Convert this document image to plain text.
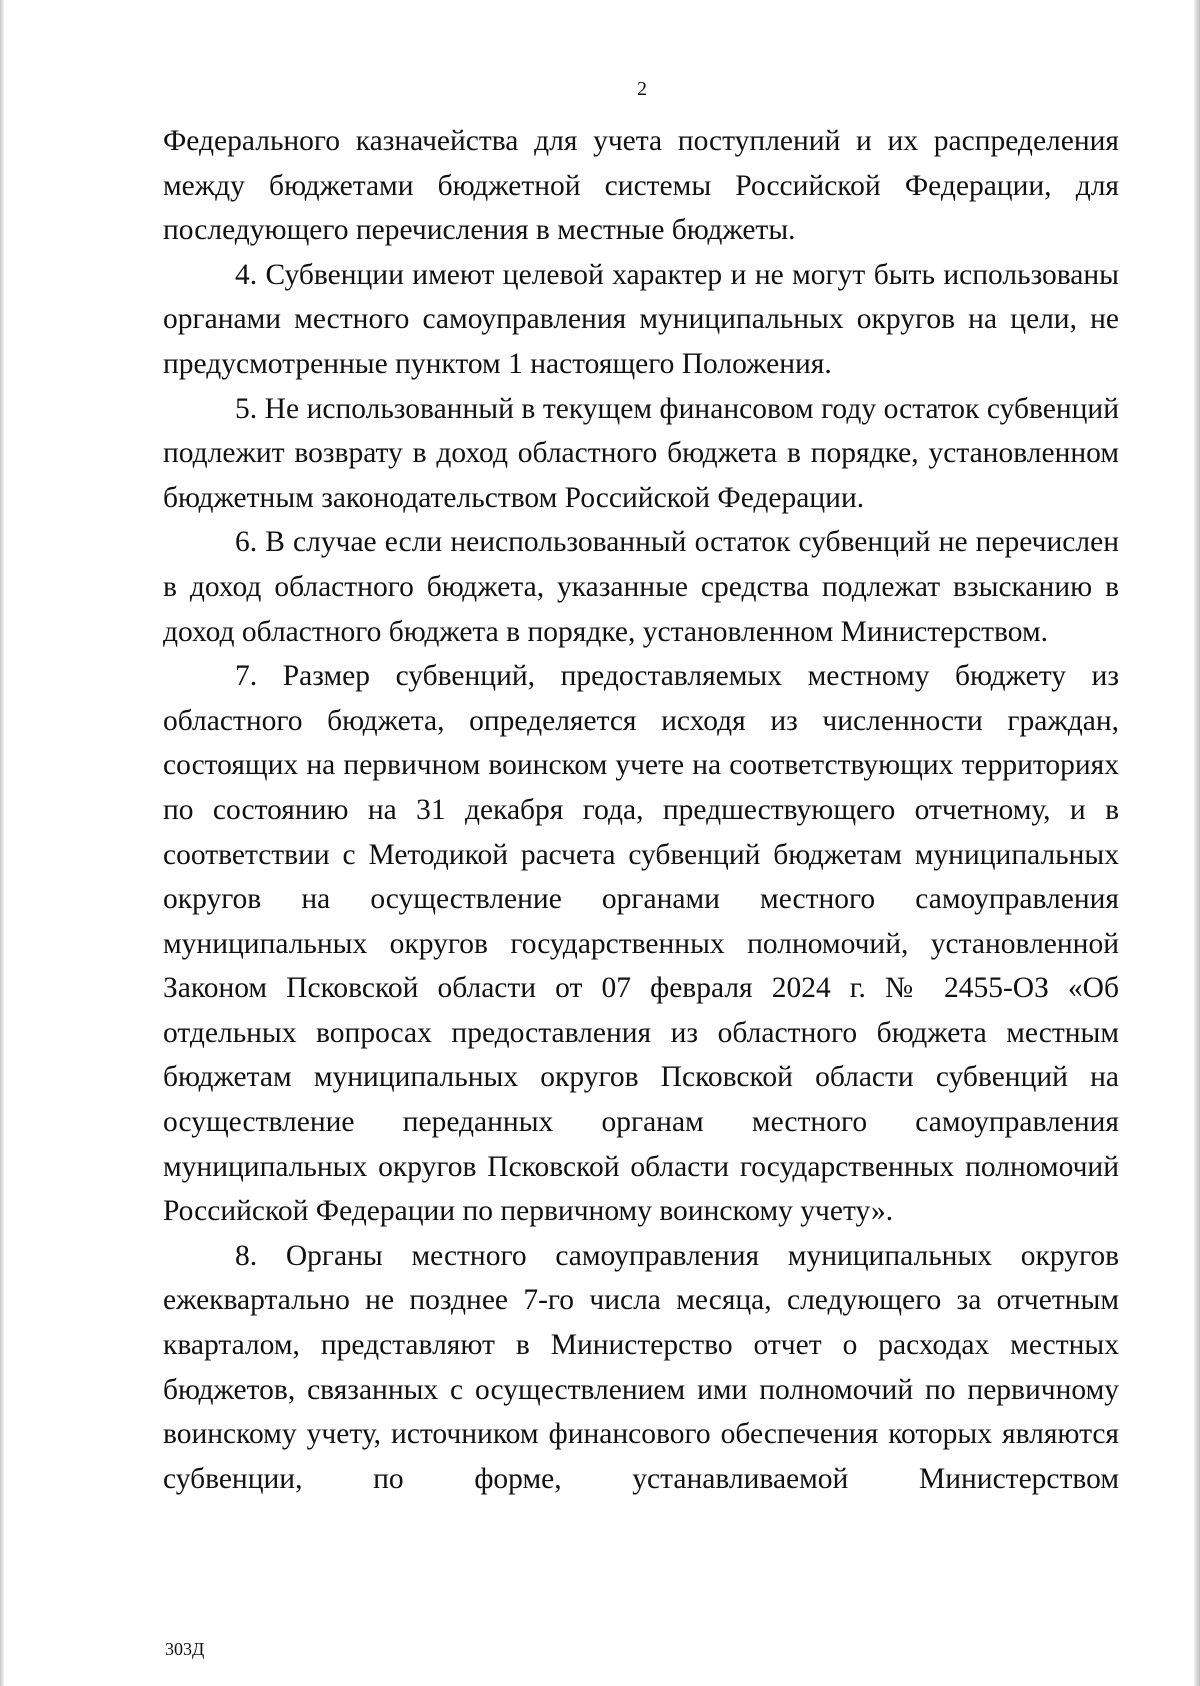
2

Федерального казначейства для учета поступлений и их распределения между бюджетами бюджетной системы Российской Федерации, для последующего перечисления в местные бюджеты.

4. Субвенции имеют целевой характер и не могут быть использованы органами местного самоуправления муниципальных округов на цели, не предусмотренные пунктом 1 настоящего Положения.

5. Не использованный в текущем финансовом году остаток субвенций подлежит возврату в доход областного бюджета в порядке, установленном бюджетным законодательством Российской Федерации.

6. В случае если неиспользованный остаток субвенций не перечислен в доход областного бюджета, указанные средства подлежат взысканию в доход областного бюджета в порядке, установленном Министерством.

7. Размер субвенций, предоставляемых местному бюджету из областного бюджета, определяется исходя из численности граждан, состоящих на первичном воинском учете на соответствующих территориях по состоянию на 31 декабря года, предшествующего отчетному, и в соответствии с Методикой расчета субвенций бюджетам муниципальных округов на осуществление органами местного самоуправления муниципальных округов государственных полномочий, установленной Законом Псковской области от 07 февраля 2024 г. № 2455-ОЗ «Об отдельных вопросах предоставления из областного бюджета местным бюджетам муниципальных округов Псковской области субвенций на осуществление переданных органам местного самоуправления муниципальных округов Псковской области государственных полномочий Российской Федерации по первичному воинскому учету».

8. Органы местного самоуправления муниципальных округов ежеквартально не позднее 7-го числа месяца, следующего за отчетным кварталом, представляют в Министерство отчет о расходах местных бюджетов, связанных с осуществлением ими полномочий по первичному воинскому учету, источником финансового обеспечения которых являются субвенции, по форме, устанавливаемой Министерством

303Д
